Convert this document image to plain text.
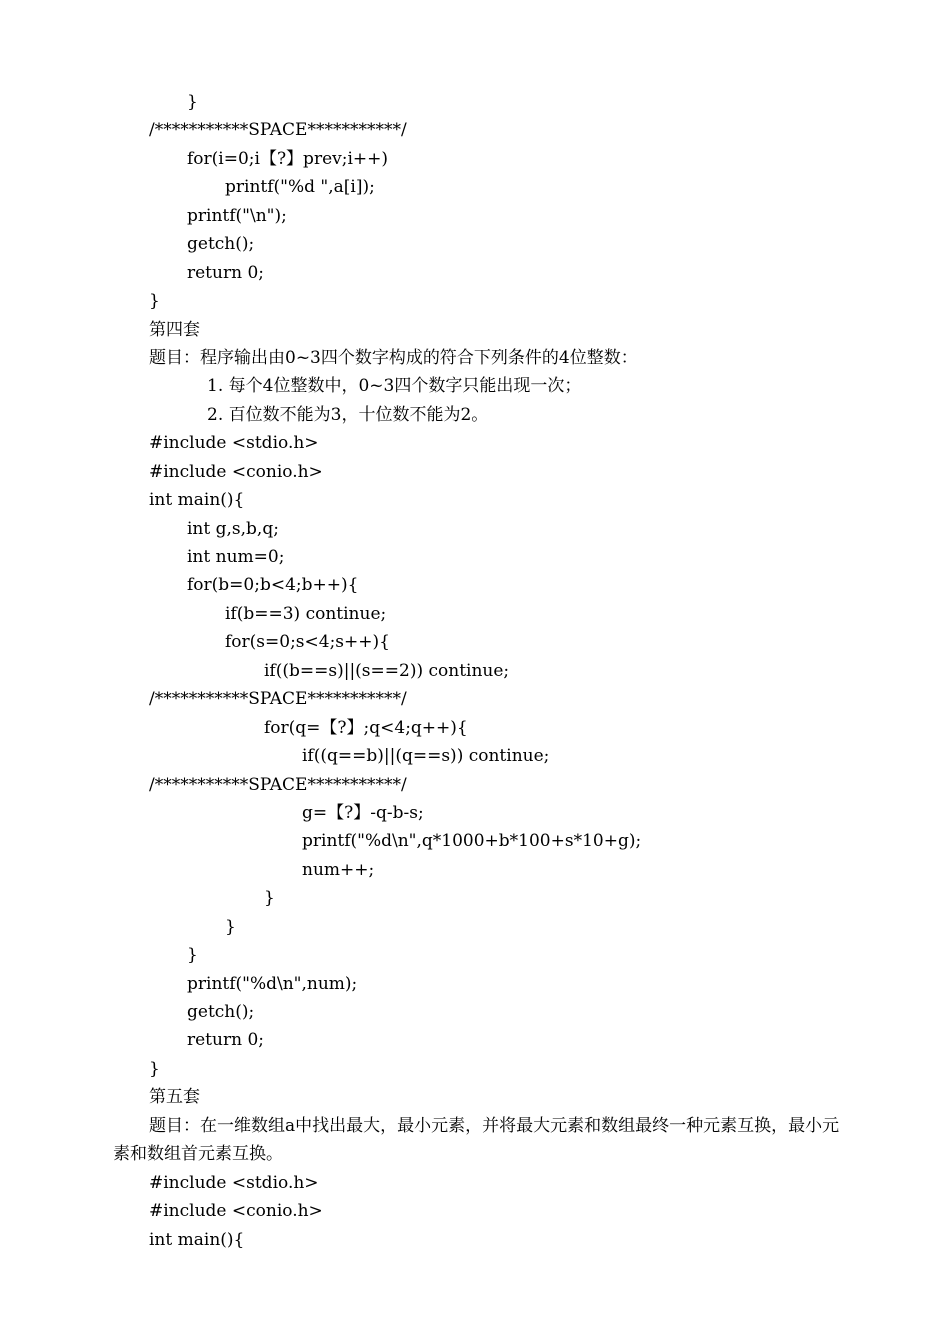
}
/***********SPACE***********/
for(i=0;i【?】prev;i++)
printf("%d ",a[i]);
printf("\n");
getch();
return 0;
}
第四套
题目：程序输出由0~3四个数字构成的符合下列条件的4位整数：
1. 每个4位整数中，0~3四个数字只能出现一次；
2. 百位数不能为3，十位数不能为2。
#include <stdio.h>
#include <conio.h>
int main(){
int g,s,b,q;
int num=0;
for(b=0;b<4;b++){
if(b==3) continue;
for(s=0;s<4;s++){
if((b==s)||(s==2)) continue;
/***********SPACE***********/
for(q=【?】;q<4;q++){
if((q==b)||(q==s)) continue;
/***********SPACE***********/
g=【?】-q-b-s;
printf("%d\n",q*1000+b*100+s*10+g);
num++;
}
}
}
printf("%d\n",num);
getch();
return 0;
}
第五套
题目：在一维数组a中找出最大，最小元素，并将最大元素和数组最终一种元素互换，最小元素和数组首元素互换。
#include <stdio.h>
#include <conio.h>
int main(){
